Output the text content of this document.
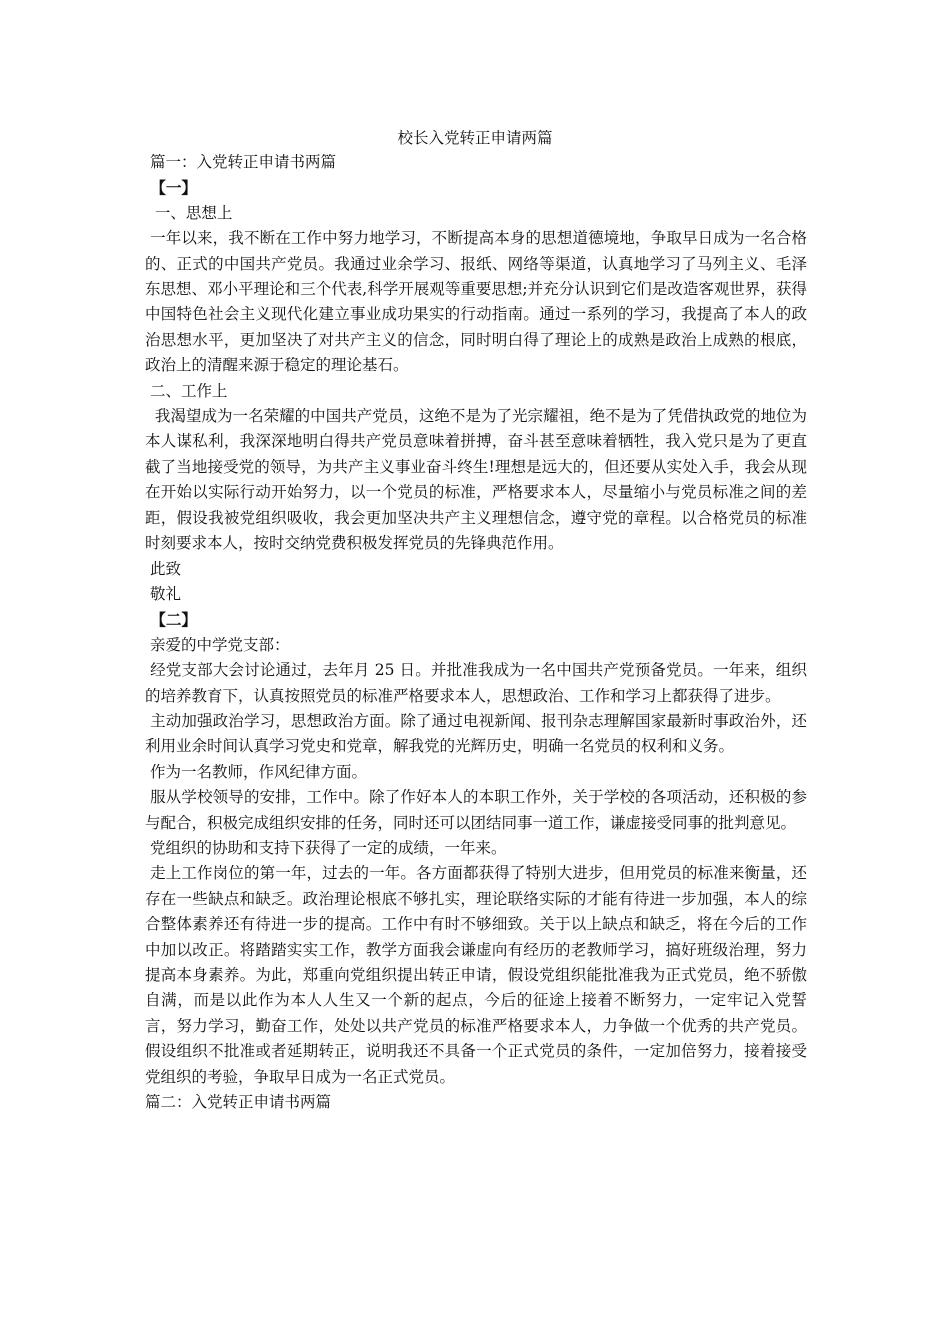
校长入党转正申请两篇

篇一：入党转正申请书两篇

【一】

一、思想上

一年以来，我不断在工作中努力地学习，不断提高本身的思想道德境地，争取早日成为一名合格的、正式的中国共产党员。我通过业余学习、报纸、网络等渠道，认真地学习了马列主义、毛泽东思想、邓小平理论和三个代表,科学开展观等重要思想;并充分认识到它们是改造客观世界，获得中国特色社会主义现代化建立事业成功果实的行动指南。通过一系列的学习，我提高了本人的政治思想水平，更加坚决了对共产主义的信念，同时明白得了理论上的成熟是政治上成熟的根底，政治上的清醒来源于稳定的理论基石。

二、工作上

我渴望成为一名荣耀的中国共产党员，这绝不是为了光宗耀祖，绝不是为了凭借执政党的地位为本人谋私利，我深深地明白得共产党员意味着拼搏，奋斗甚至意味着牺牲，我入党只是为了更直截了当地接受党的领导，为共产主义事业奋斗终生!理想是远大的，但还要从实处入手，我会从现在开始以实际行动开始努力，以一个党员的标准，严格要求本人，尽量缩小与党员标准之间的差距，假设我被党组织吸收，我会更加坚决共产主义理想信念，遵守党的章程。以合格党员的标准时刻要求本人，按时交纳党费积极发挥党员的先锋典范作用。

此致

敬礼

【二】

亲爱的中学党支部：

经党支部大会讨论通过，去年月 25 日。并批准我成为一名中国共产党预备党员。一年来，组织的培养教育下，认真按照党员的标准严格要求本人，思想政治、工作和学习上都获得了进步。

主动加强政治学习，思想政治方面。除了通过电视新闻、报刊杂志理解国家最新时事政治外，还利用业余时间认真学习党史和党章，解我党的光辉历史，明确一名党员的权利和义务。

作为一名教师，作风纪律方面。

服从学校领导的安排，工作中。除了作好本人的本职工作外，关于学校的各项活动，还积极的参与配合，积极完成组织安排的任务，同时还可以团结同事一道工作，谦虚接受同事的批判意见。

党组织的协助和支持下获得了一定的成绩，一年来。

走上工作岗位的第一年，过去的一年。各方面都获得了特别大进步，但用党员的标准来衡量，还存在一些缺点和缺乏。政治理论根底不够扎实，理论联络实际的才能有待进一步加强，本人的综合整体素养还有待进一步的提高。工作中有时不够细致。关于以上缺点和缺乏，将在今后的工作中加以改正。将踏踏实实工作，教学方面我会谦虚向有经历的老教师学习，搞好班级治理，努力提高本身素养。为此，郑重向党组织提出转正申请，假设党组织能批准我为正式党员，绝不骄傲自满，而是以此作为本人人生又一个新的起点，今后的征途上接着不断努力，一定牢记入党誓言，努力学习，勤奋工作，处处以共产党员的标准严格要求本人，力争做一个优秀的共产党员。假设组织不批准或者延期转正，说明我还不具备一个正式党员的条件，一定加倍努力，接着接受党组织的考验，争取早日成为一名正式党员。

篇二：入党转正申请书两篇
